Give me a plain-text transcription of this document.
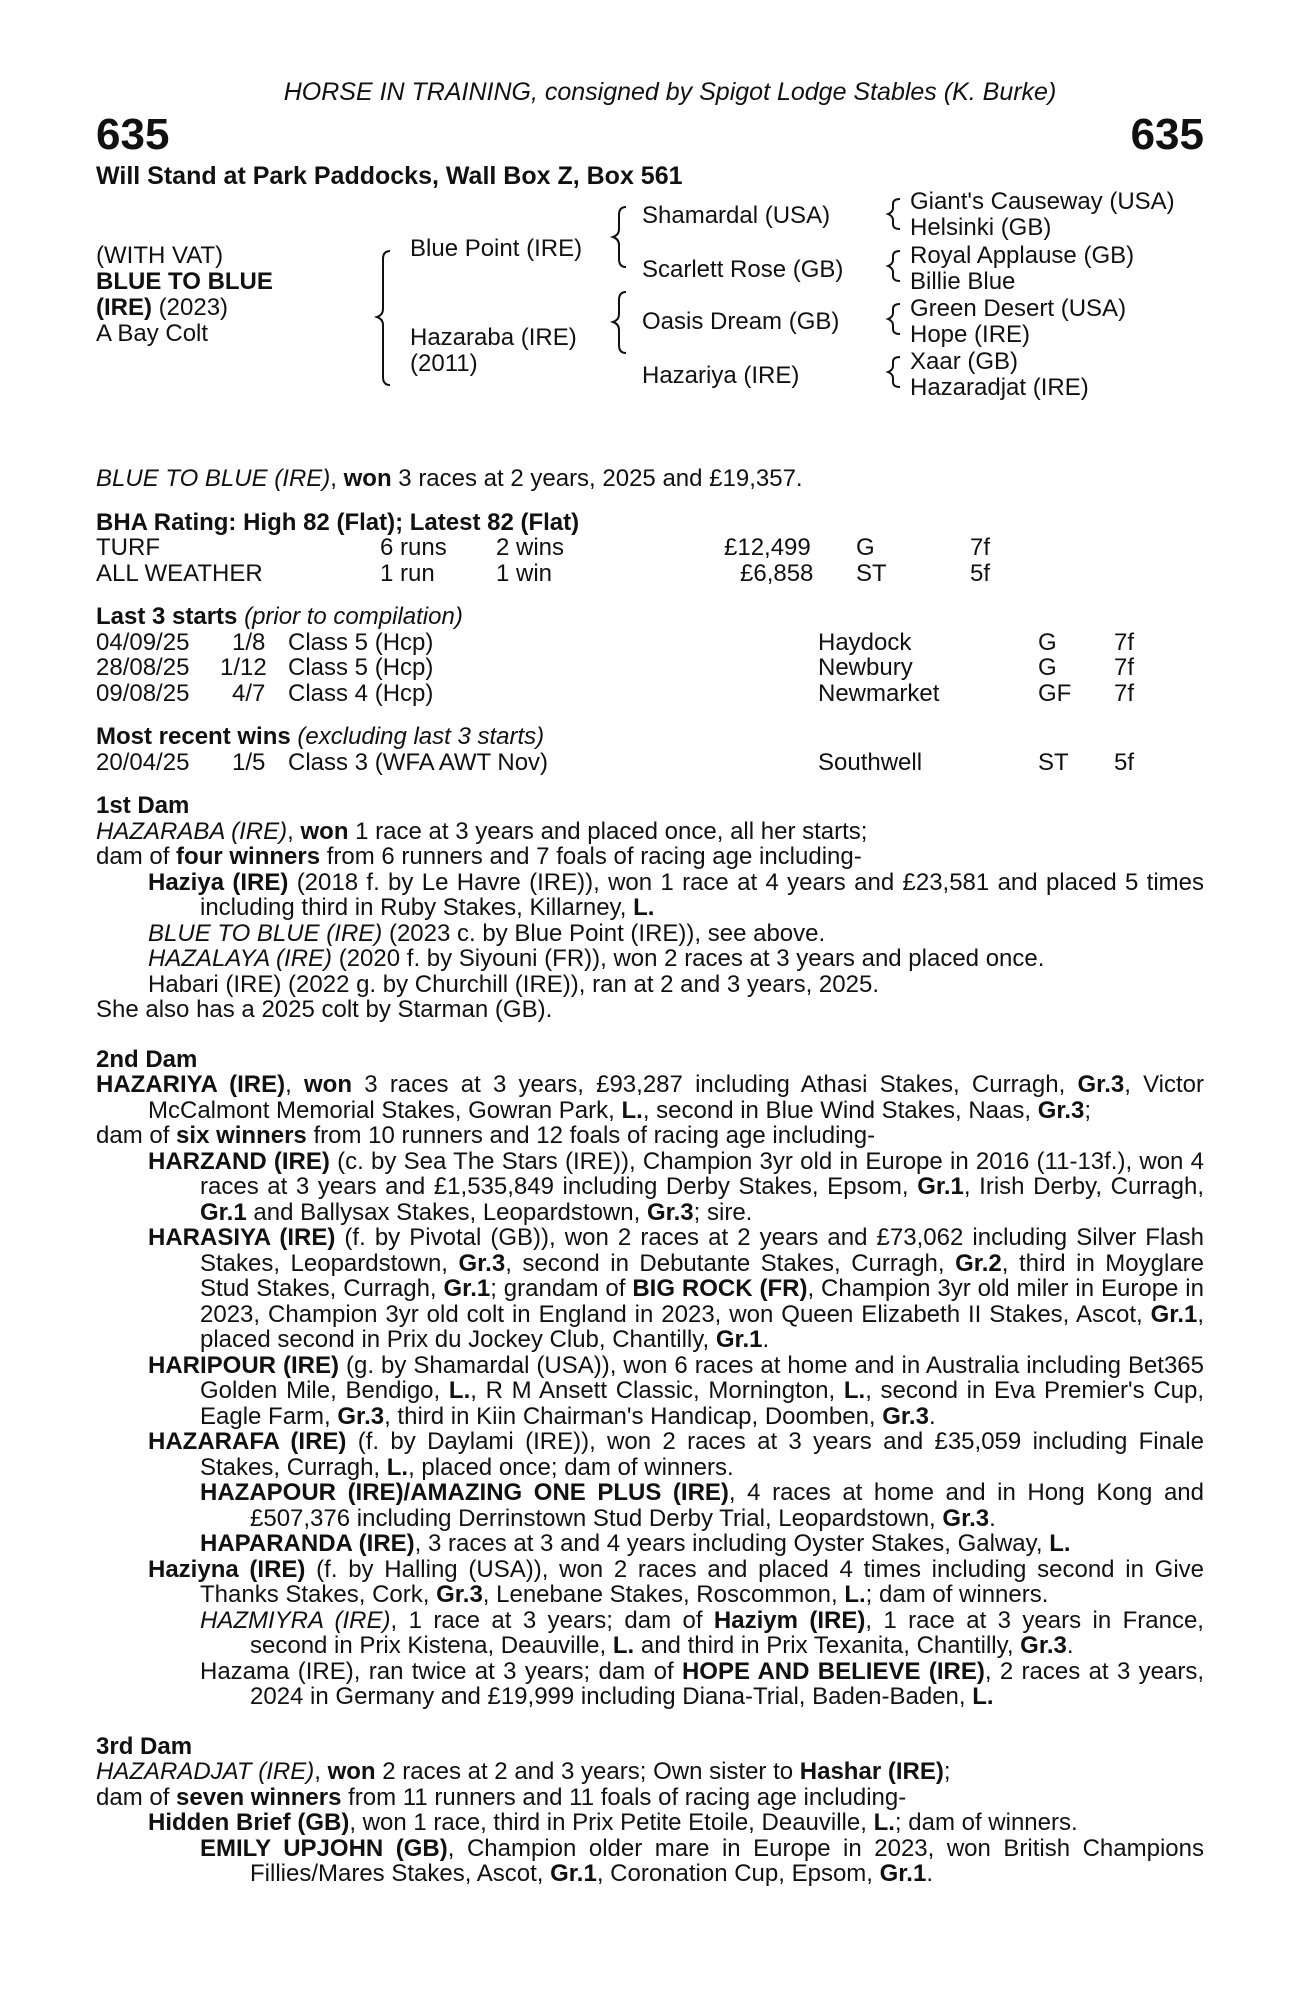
HORSE IN TRAINING, consigned by Spigot Lodge Stables (K. Burke)
635	635
Will Stand at Park Paddocks, Wall Box Z, Box 561
(WITH VAT)
BLUE TO BLUE
(IRE) (2023)
A Bay Colt
Blue Point (IRE)
Hazaraba (IRE)
(2011)
Shamardal (USA)
Scarlett Rose (GB)
Oasis Dream (GB)
Hazariya (IRE)
Giant's Causeway (USA)
Helsinki (GB)
Royal Applause (GB)
Billie Blue
Green Desert (USA)
Hope (IRE)
Xaar (GB)
Hazaradjat (IRE)
BLUE TO BLUE (IRE), won 3 races at 2 years, 2025 and £19,357.
BHA Rating: High 82 (Flat); Latest 82 (Flat)
TURF	6 runs 2 wins	£12,499 G	7f
ALL WEATHER	1 run	1 win	£6,858 ST	5f
Last 3 starts (prior to compilation)
04/09/25 1/8 Class 5 (Hcp)	Haydock	G 7f
28/08/25 1/12 Class 5 (Hcp)	Newbury	G 7f
09/08/25 4/7 Class 4 (Hcp)	Newmarket	GF 7f
Most recent wins (excluding last 3 starts)
20/04/25 1/5 Class 3 (WFA AWT Nov)	Southwell	ST 5f
1st Dam

HAZARABA (IRE), won 1 race at 3 years and placed once, all her starts;

dam of four winners from 6 runners and 7 foals of racing age including-

Haziya (IRE) (2018 f. by Le Havre (IRE)), won 1 race at 4 years and £23,581 and placed 5 times including third in Ruby Stakes, Killarney, L.

BLUE TO BLUE (IRE) (2023 c. by Blue Point (IRE)), see above.

HAZALAYA (IRE) (2020 f. by Siyouni (FR)), won 2 races at 3 years and placed once.

Habari (IRE) (2022 g. by Churchill (IRE)), ran at 2 and 3 years, 2025.

She also has a 2025 colt by Starman (GB).

2nd Dam

HAZARIYA (IRE), won 3 races at 3 years, £93,287 including Athasi Stakes, Curragh, Gr.3, Victor McCalmont Memorial Stakes, Gowran Park, L., second in Blue Wind Stakes, Naas, Gr.3;

dam of six winners from 10 runners and 12 foals of racing age including-

HARZAND (IRE) (c. by Sea The Stars (IRE)), Champion 3yr old in Europe in 2016 (11-13f.), won 4 races at 3 years and £1,535,849 including Derby Stakes, Epsom, Gr.1, Irish Derby, Curragh, Gr.1 and Ballysax Stakes, Leopardstown, Gr.3; sire.

HARASIYA (IRE) (f. by Pivotal (GB)), won 2 races at 2 years and £73,062 including Silver Flash Stakes, Leopardstown, Gr.3, second in Debutante Stakes, Curragh, Gr.2, third in Moyglare Stud Stakes, Curragh, Gr.1; grandam of BIG ROCK (FR), Champion 3yr old miler in Europe in 2023, Champion 3yr old colt in England in 2023, won Queen Elizabeth II Stakes, Ascot, Gr.1, placed second in Prix du Jockey Club, Chantilly, Gr.1.

HARIPOUR (IRE) (g. by Shamardal (USA)), won 6 races at home and in Australia including Bet365 Golden Mile, Bendigo, L., R M Ansett Classic, Mornington, L., second in Eva Premier's Cup, Eagle Farm, Gr.3, third in Kiin Chairman's Handicap, Doomben, Gr.3.

HAZARAFA (IRE) (f. by Daylami (IRE)), won 2 races at 3 years and £35,059 including Finale Stakes, Curragh, L., placed once; dam of winners.

HAZAPOUR (IRE)/AMAZING ONE PLUS (IRE), 4 races at home and in Hong Kong and £507,376 including Derrinstown Stud Derby Trial, Leopardstown, Gr.3.

HAPARANDA (IRE), 3 races at 3 and 4 years including Oyster Stakes, Galway, L.

Haziyna (IRE) (f. by Halling (USA)), won 2 races and placed 4 times including second in Give Thanks Stakes, Cork, Gr.3, Lenebane Stakes, Roscommon, L.; dam of winners.

HAZMIYRA (IRE), 1 race at 3 years; dam of Haziym (IRE), 1 race at 3 years in France, second in Prix Kistena, Deauville, L. and third in Prix Texanita, Chantilly, Gr.3.

Hazama (IRE), ran twice at 3 years; dam of HOPE AND BELIEVE (IRE), 2 races at 3 years, 2024 in Germany and £19,999 including Diana-Trial, Baden-Baden, L.

3rd Dam

HAZARADJAT (IRE), won 2 races at 2 and 3 years; Own sister to Hashar (IRE);

dam of seven winners from 11 runners and 11 foals of racing age including-

Hidden Brief (GB), won 1 race, third in Prix Petite Etoile, Deauville, L.; dam of winners.

EMILY UPJOHN (GB), Champion older mare in Europe in 2023, won British Champions Fillies/Mares Stakes, Ascot, Gr.1, Coronation Cup, Epsom, Gr.1.
